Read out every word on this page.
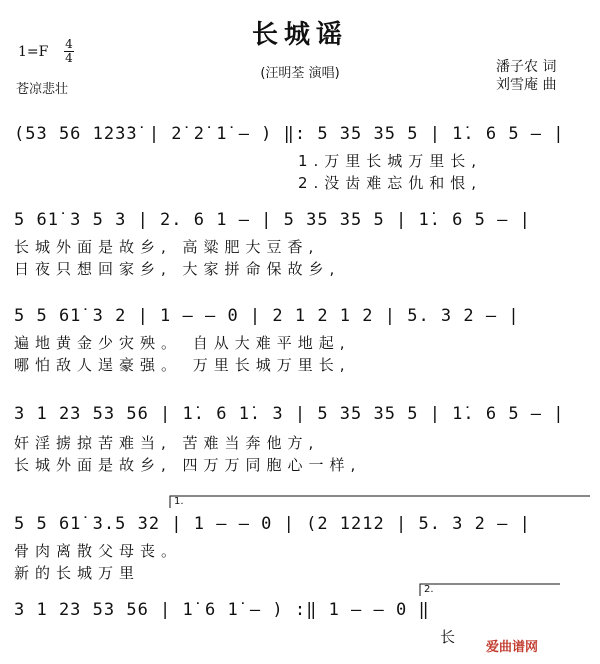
长城谣
(汪明荃 演唱)
1=F 4
4
苍凉悲壮
潘子农 词
刘雪庵 曲
(53 56 1̇2̇3̇3̇ | 2̇ 2̇ 1̇ – ) ‖: 5 35 35 5 | 1̇. 6 5 – |
1.万里长城万里长,
2.没齿难忘仇和恨,
5 61̇ 3 5 3 | 2. 6 1 – | 5 35 35 5 | 1̇. 6 5 – |
长城外面是故乡, 高粱肥大豆香,
日夜只想回家乡, 大家拼命保故乡,
5 5 61̇ 3 2 | 1 – – 0 | 2 1 2 1 2 | 5. 3 2 – |
遍地黄金少灾殃。 自从大难平地起,
哪怕敌人逞豪强。 万里长城万里长,
3 1 23 53 56 | 1̇. 6 1̇. 3 | 5 35 35 5 | 1̇. 6 5 – |
奸淫掳掠苦难当, 苦难当奔他方,
长城外面是故乡, 四万万同胞心一样,
5 5 61̇ 3.5 32 | 1 – – 0 | (2 1212 | 5. 3 2 – |
骨肉离散父母丧。
新的长城万里
3 1 23 53 56 | 1̇ 6 1̇ – ) :‖ 1 – – 0 ‖
长
1.
2.
爱曲谱网
